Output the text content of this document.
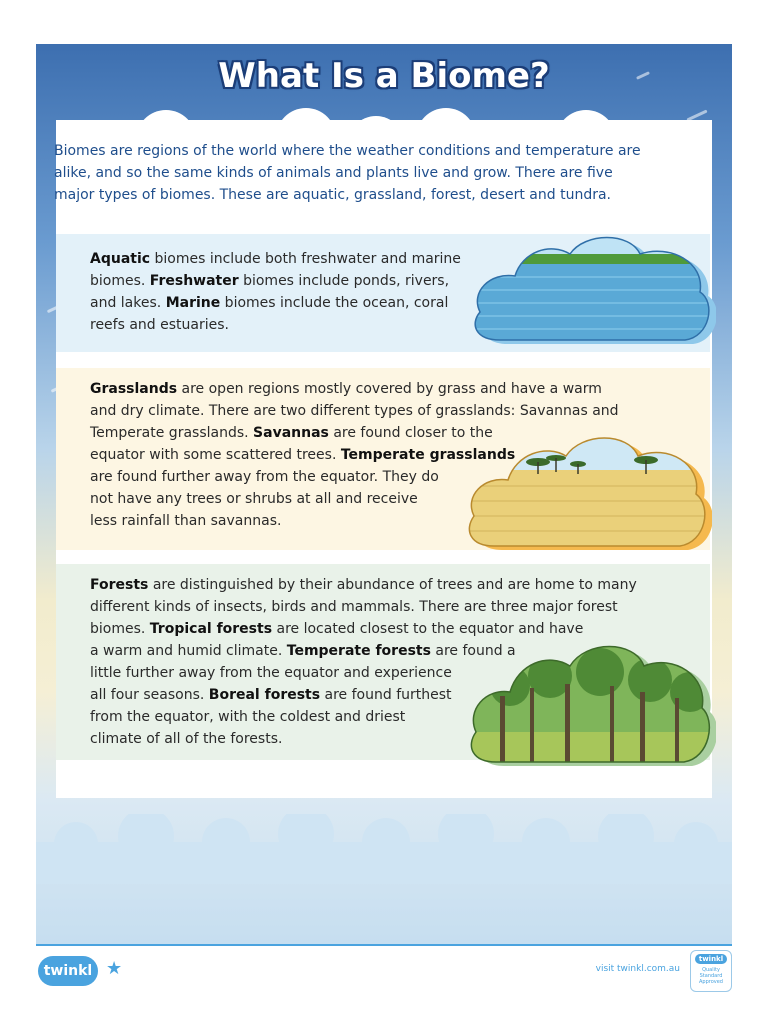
What Is a Biome?
Biomes are regions of the world where the weather conditions and temperature are alike, and so the same kinds of animals and plants live and grow. There are five major types of biomes. These are aquatic, grassland, forest, desert and tundra.
Aquatic biomes include both freshwater and marine
biomes. Freshwater biomes include ponds, rivers,
and lakes. Marine biomes include the ocean, coral
reefs and estuaries.
Grasslands are open regions mostly covered by grass and have a warm
and dry climate. There are two different types of grasslands: Savannas and
Temperate grasslands. Savannas are found closer to the
equator with some scattered trees. Temperate grasslands
are found further away from the equator. They do
not have any trees or shrubs at all and receive
less rainfall than savannas.
Forests are distinguished by their abundance of trees and are home to many
different kinds of insects, birds and mammals. There are three major forest
biomes. Tropical forests are located closest to the equator and have
a warm and humid climate. Temperate forests are found a
little further away from the equator and experience
all four seasons. Boreal forests are found furthest
from the equator, with the coldest and driest
climate of all of the forests.
twinkl ★	visit twinkl.com.au
twinkl
Quality Standard Approved
